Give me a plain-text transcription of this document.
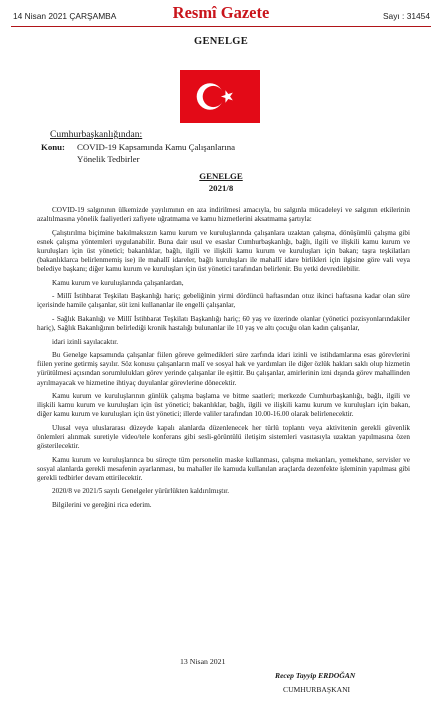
14 Nisan 2021 ÇARŞAMBA	Resmî Gazete	Sayı : 31454
GENELGE
Cumhurbaşkanlığından:
Konu: COVID-19 Kapsamında Kamu Çalışanlarına Yönelik Tedbirler
GENELGE
2021/8

COVID-19 salgınının ülkemizde yayılımının en aza indirilmesi amacıyla, bu salgınla mücadeleyi ve salgının etkilerinin azaltılmasına yönelik faaliyetleri zafiyete uğratmama ve kamu hizmetlerini aksatmama şartıyla:

Çalıştırılma biçimine bakılmaksızın kamu kurum ve kuruluşlarında çalışanlara uzaktan çalışma, dönüşümlü çalışma gibi esnek çalışma yöntemleri uygulanabilir. Buna dair usul ve esaslar Cumhurbaşkanlığı, bağlı, ilgili ve ilişkili kamu kurum ve kuruluşları için üst yönetici; bakanlıklar, bağlı, ilgili ve ilişkili kamu kurum ve kuruluşları için bakan; taşra teşkilatları (bakanlıklarca belirlenmemiş ise) ile mahallî idareler, bağlı kuruluşları ile mahallî idare birlikleri için ilgisine göre vali veya belediye başkanı; diğer kamu kurum ve kuruluşları için üst yönetici tarafından belirlenir. Bu yetki devredilebilir.

Kamu kurum ve kuruluşlarında çalışanlardan,

- Millî İstihbarat Teşkilatı Başkanlığı hariç; gebeliğinin yirmi dördüncü haftasından otuz ikinci haftasına kadar olan süre içerisinde hamile çalışanlar, süt izni kullananlar ile engelli çalışanlar,

- Sağlık Bakanlığı ve Millî İstihbarat Teşkilatı Başkanlığı hariç; 60 yaş ve üzerinde olanlar (yönetici pozisyonlarındakiler hariç), Sağlık Bakanlığının belirlediği kronik hastalığı bulunanlar ile 10 yaş ve altı çocuğu olan kadın çalışanlar,

idari izinli sayılacaktır.

Bu Genelge kapsamında çalışanlar fiilen göreve gelmedikleri süre zarfında idari izinli ve istihdamlarına esas görevlerini fiilen yerine getirmiş sayılır. Söz konusu çalışanların malî ve sosyal hak ve yardımları ile diğer özlük hakları saklı olup hizmetin yürütülmesi açısından sorumlulukları görev yerinde çalışanlar ile eşittir. Bu çalışanlar, amirlerinin izni dışında görev mahallinden ayrılmayacak ve hizmetine ihtiyaç duyulanlar görevlerine dönecektir.

Kamu kurum ve kuruluşlarının günlük çalışma başlama ve bitme saatleri; merkezde Cumhurbaşkanlığı, bağlı, ilgili ve ilişkili kamu kurum ve kuruluşları için üst yönetici; bakanlıklar, bağlı, ilgili ve ilişkili kamu kurum ve kuruluşları için bakan, diğer kamu kurum ve kuruluşları için üst yönetici; illerde valiler tarafından 10.00-16.00 olarak belirlenecektir.

Ulusal veya uluslararası düzeyde kapalı alanlarda düzenlenecek her türlü toplantı veya aktivitenin gerekli güvenlik önlemleri alınmak suretiyle video/tele konferans gibi sesli-görüntülü iletişim sistemleri vasıtasıyla uzaktan yapılmasına özen gösterilecektir.

Kamu kurum ve kuruluşlarınca bu süreçte tüm personelin maske kullanması, çalışma mekanları, yemekhane, servisler ve sosyal alanlarda gerekli mesafenin ayarlanması, bu mahaller ile kamuda kullanılan araçlarda dezenfekte işleminin yapılması gibi gerekli tedbirler devam ettirilecektir.

2020/8 ve 2021/5 sayılı Genelgeler yürürlükten kaldırılmıştır.

Bilgilerini ve gereğini rica ederim.

13 Nisan 2021
Recep Tayyip ERDOĞAN
CUMHURBAŞKANI
